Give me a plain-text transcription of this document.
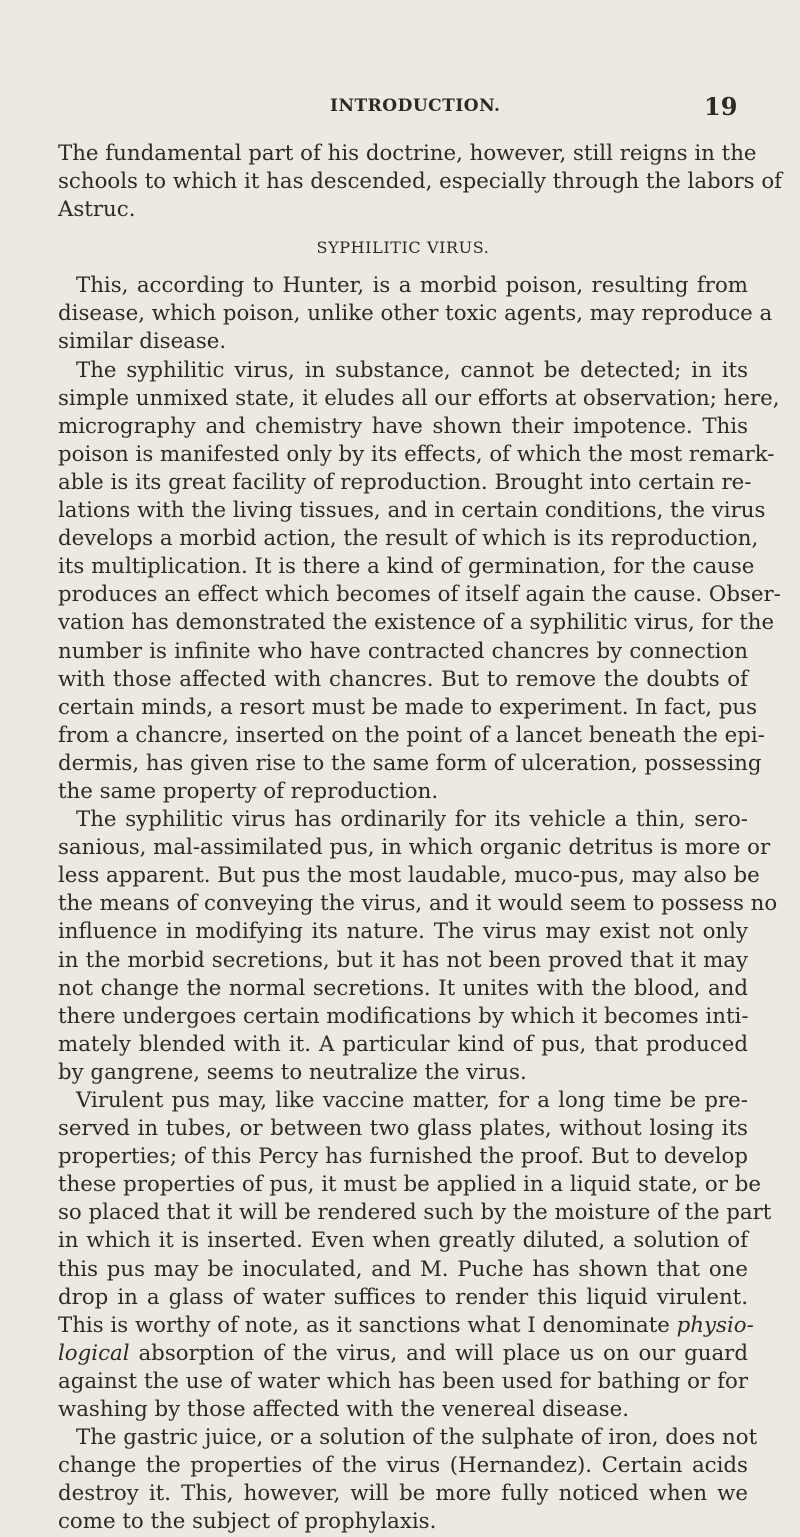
INTRODUCTION.	19
The fundamental part of his doctrine, however, still reigns in the
schools to which it has descended, especially through the labors of
Astruc.
SYPHILITIC VIRUS.
This, according to Hunter, is a morbid poison, resulting from
disease, which poison, unlike other toxic agents, may reproduce a
similar disease.
The syphilitic virus, in substance, cannot be detected; in its
simple unmixed state, it eludes all our efforts at observation; here,
micrography and chemistry have shown their impotence. This
poison is manifested only by its effects, of which the most remark-
able is its great facility of reproduction. Brought into certain re-
lations with the living tissues, and in certain conditions, the virus
develops a morbid action, the result of which is its reproduction,
its multiplication. It is there a kind of germination, for the cause
produces an effect which becomes of itself again the cause. Obser-
vation has demonstrated the existence of a syphilitic virus, for the
number is infinite who have contracted chancres by connection
with those affected with chancres. But to remove the doubts of
certain minds, a resort must be made to experiment. In fact, pus
from a chancre, inserted on the point of a lancet beneath the epi-
dermis, has given rise to the same form of ulceration, possessing
the same property of reproduction.
The syphilitic virus has ordinarily for its vehicle a thin, sero-
sanious, mal-assimilated pus, in which organic detritus is more or
less apparent. But pus the most laudable, muco-pus, may also be
the means of conveying the virus, and it would seem to possess no
influence in modifying its nature. The virus may exist not only
in the morbid secretions, but it has not been proved that it may
not change the normal secretions. It unites with the blood, and
there undergoes certain modifications by which it becomes inti-
mately blended with it. A particular kind of pus, that produced
by gangrene, seems to neutralize the virus.
Virulent pus may, like vaccine matter, for a long time be pre-
served in tubes, or between two glass plates, without losing its
properties; of this Percy has furnished the proof. But to develop
these properties of pus, it must be applied in a liquid state, or be
so placed that it will be rendered such by the moisture of the part
in which it is inserted. Even when greatly diluted, a solution of
this pus may be inoculated, and M. Puche has shown that one
drop in a glass of water suffices to render this liquid virulent.
This is worthy of note, as it sanctions what I denominate physio-
logical absorption of the virus, and will place us on our guard
against the use of water which has been used for bathing or for
washing by those affected with the venereal disease.
The gastric juice, or a solution of the sulphate of iron, does not
change the properties of the virus (Hernandez). Certain acids
destroy it. This, however, will be more fully noticed when we
come to the subject of prophylaxis.
